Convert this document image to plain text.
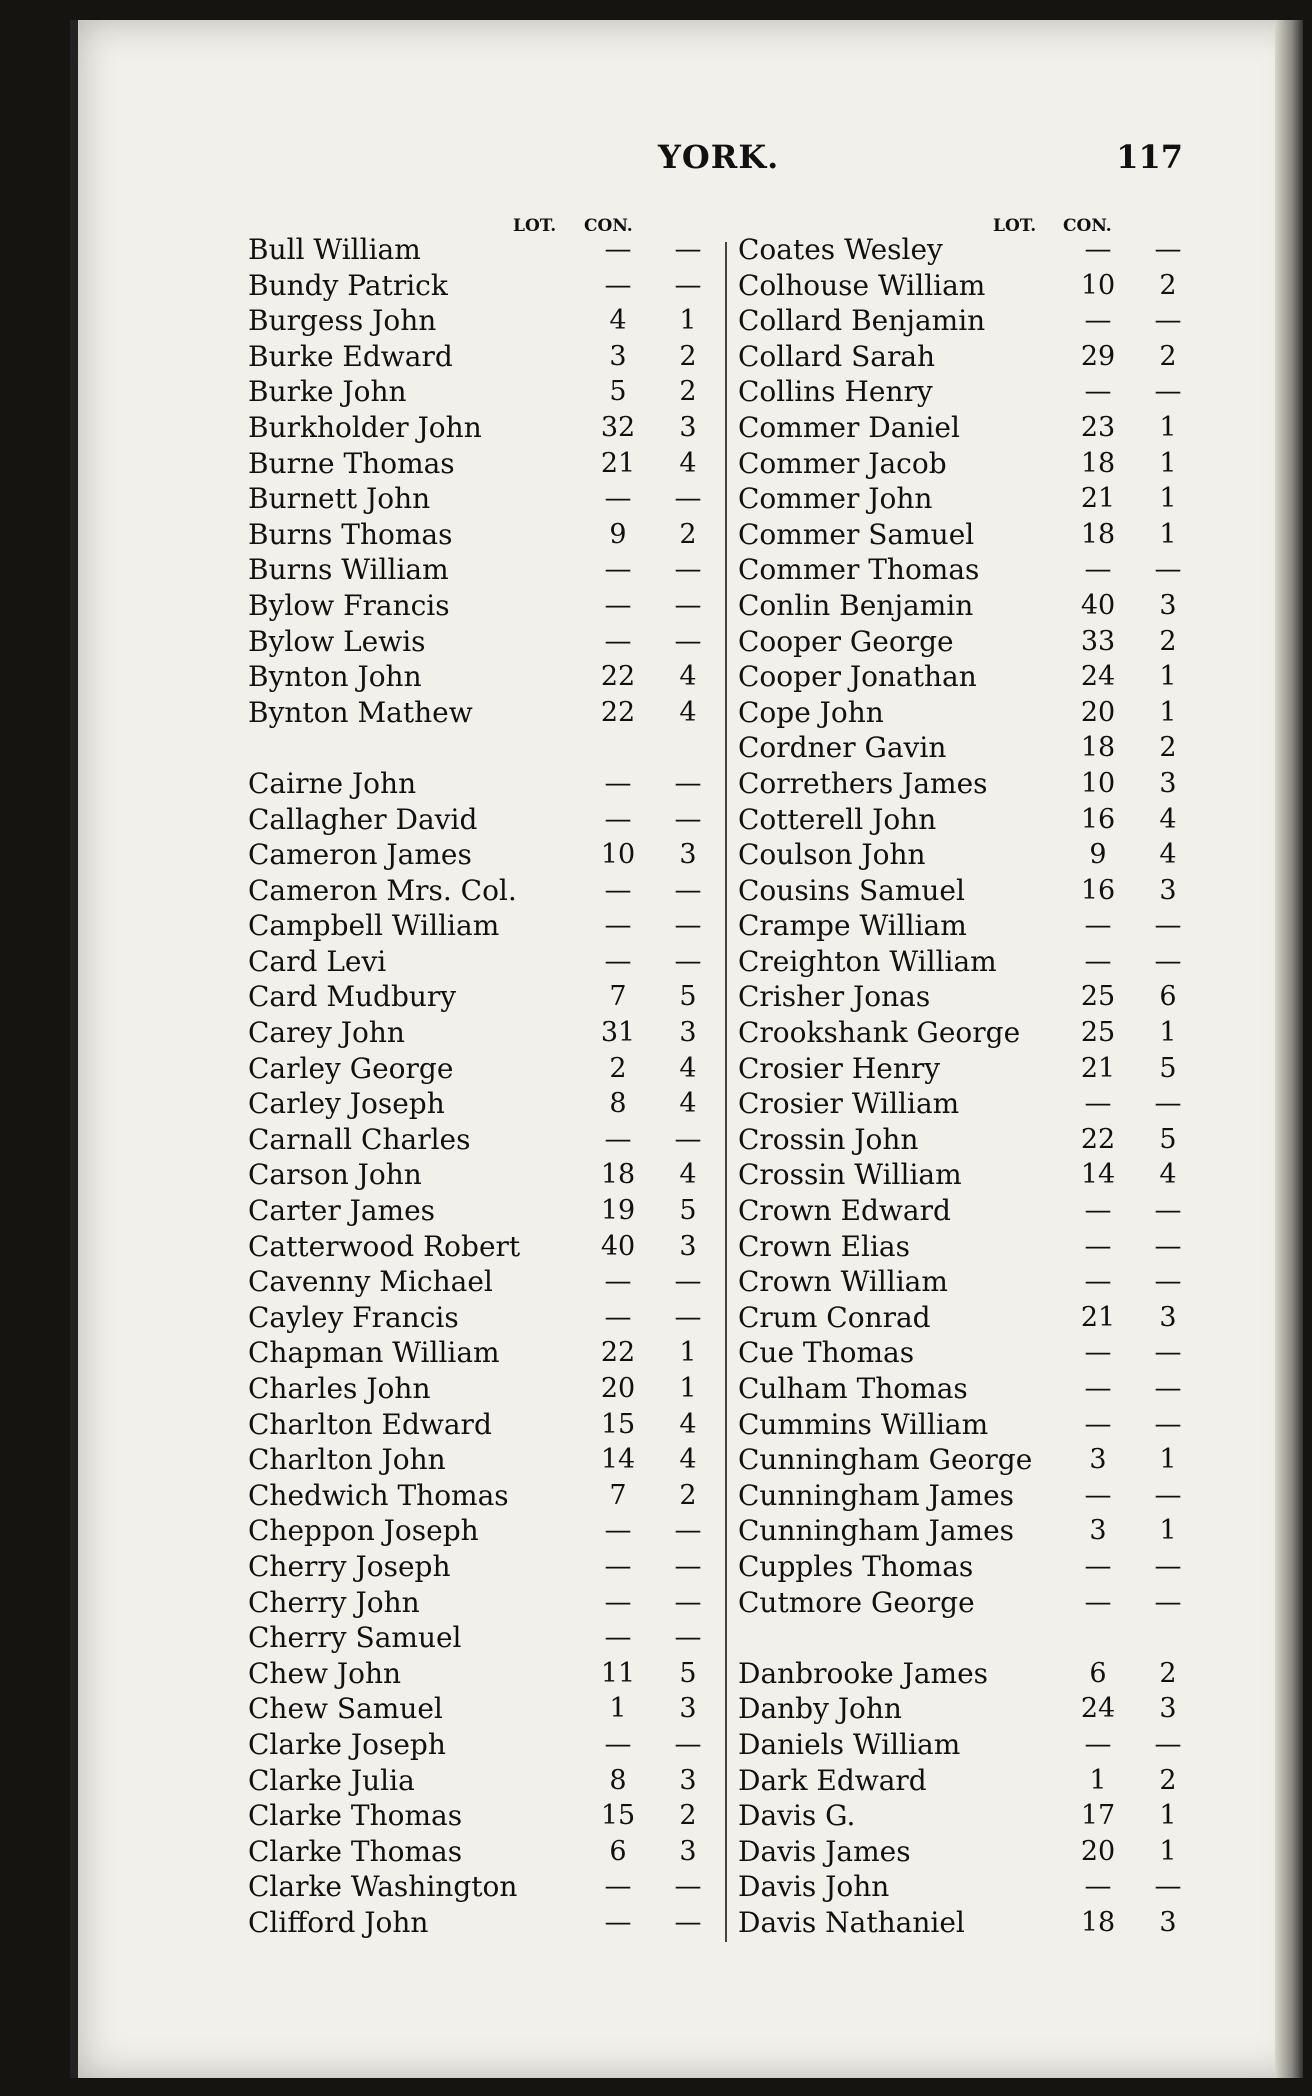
YORK.	117
LOT. CON.	LOT. CON.
Bull William	—	—
Bundy Patrick	—	—
Burgess John	4	1
Burke Edward	3	2
Burke John	5	2
Burkholder John	32	3
Burne Thomas	21	4
Burnett John	—	—
Burns Thomas	9	2
Burns William	—	—
Bylow Francis	—	—
Bylow Lewis	—	—
Bynton John	22	4
Bynton Mathew	22	4
Cairne John	—	—
Callagher David	—	—
Cameron James	10	3
Cameron Mrs. Col.	—	—
Campbell William	—	—
Card Levi	—	—
Card Mudbury	7	5
Carey John	31	3
Carley George	2	4
Carley Joseph	8	4
Carnall Charles	—	—
Carson John	18	4
Carter James	19	5
Catterwood Robert	40	3
Cavenny Michael	—	—
Cayley Francis	—	—
Chapman William	22	1
Charles John	20	1
Charlton Edward	15	4
Charlton John	14	4
Chedwich Thomas	7	2
Cheppon Joseph	—	—
Cherry Joseph	—	—
Cherry John	—	—
Cherry Samuel	—	—
Chew John	11	5
Chew Samuel	1	3
Clarke Joseph	—	—
Clarke Julia	8	3
Clarke Thomas	15	2
Clarke Thomas	6	3
Clarke Washington	—	—
Clifford John	—	—
Coates Wesley	—	—
Colhouse William	10	2
Collard Benjamin	—	—
Collard Sarah	29	2
Collins Henry	—	—
Commer Daniel	23	1
Commer Jacob	18	1
Commer John	21	1
Commer Samuel	18	1
Commer Thomas	—	—
Conlin Benjamin	40	3
Cooper George	33	2
Cooper Jonathan	24	1
Cope John	20	1
Cordner Gavin	18	2
Correthers James	10	3
Cotterell John	16	4
Coulson John	9	4
Cousins Samuel	16	3
Crampe William	—	—
Creighton William	—	—
Crisher Jonas	25	6
Crookshank George 25	1
Crosier Henry	21	5
Crosier William	—	—
Crossin John	22	5
Crossin William	14	4
Crown Edward	—	—
Crown Elias	—	—
Crown William	—	—
Crum Conrad	21	3
Cue Thomas	—	—
Culham Thomas	—	—
Cummins William	—	—
Cunningham George	3	1
Cunningham James	—	—
Cunningham James	3	1
Cupples Thomas	—	—
Cutmore George	—	—
Danbrooke James	6	2
Danby John	24	3
Daniels William	—	—
Dark Edward	1	2
Davis G.	17	1
Davis James	20	1
Davis John	—	—
Davis Nathaniel	18	3
